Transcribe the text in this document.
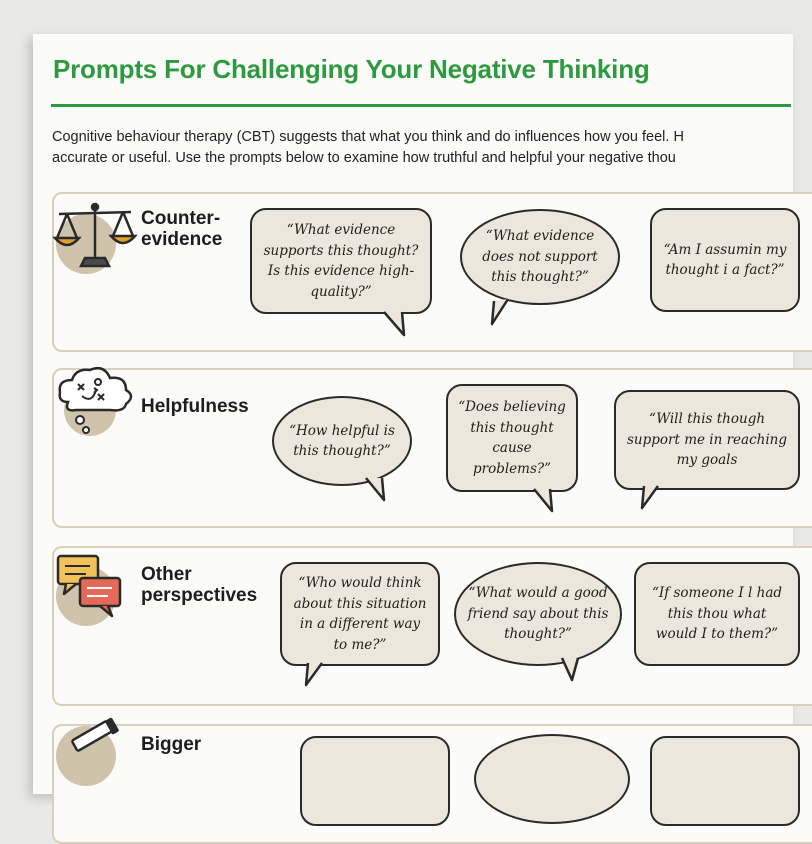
Prompts For Challenging Your Negative Thinking
Cognitive behaviour therapy (CBT) suggests that what you think and do influences how you feel. H
accurate or useful. Use the prompts below to examine how truthful and helpful your negative thou
Counter-
evidence	“What evidence supports this thought? Is this evidence high-quality?”
“What evidence does not support this thought?”
“Am I assumin my thought i a fact?”
Helpfulness
“How helpful is this thought?”
“Does believing this thought cause problems?”
“Will this though support me in reaching my goals
Other
perspectives
“Who would think about this situation in a different way to me?”
“What would a good friend say about this thought?”
“If someone I l had this thou what would I to them?”
Bigger
